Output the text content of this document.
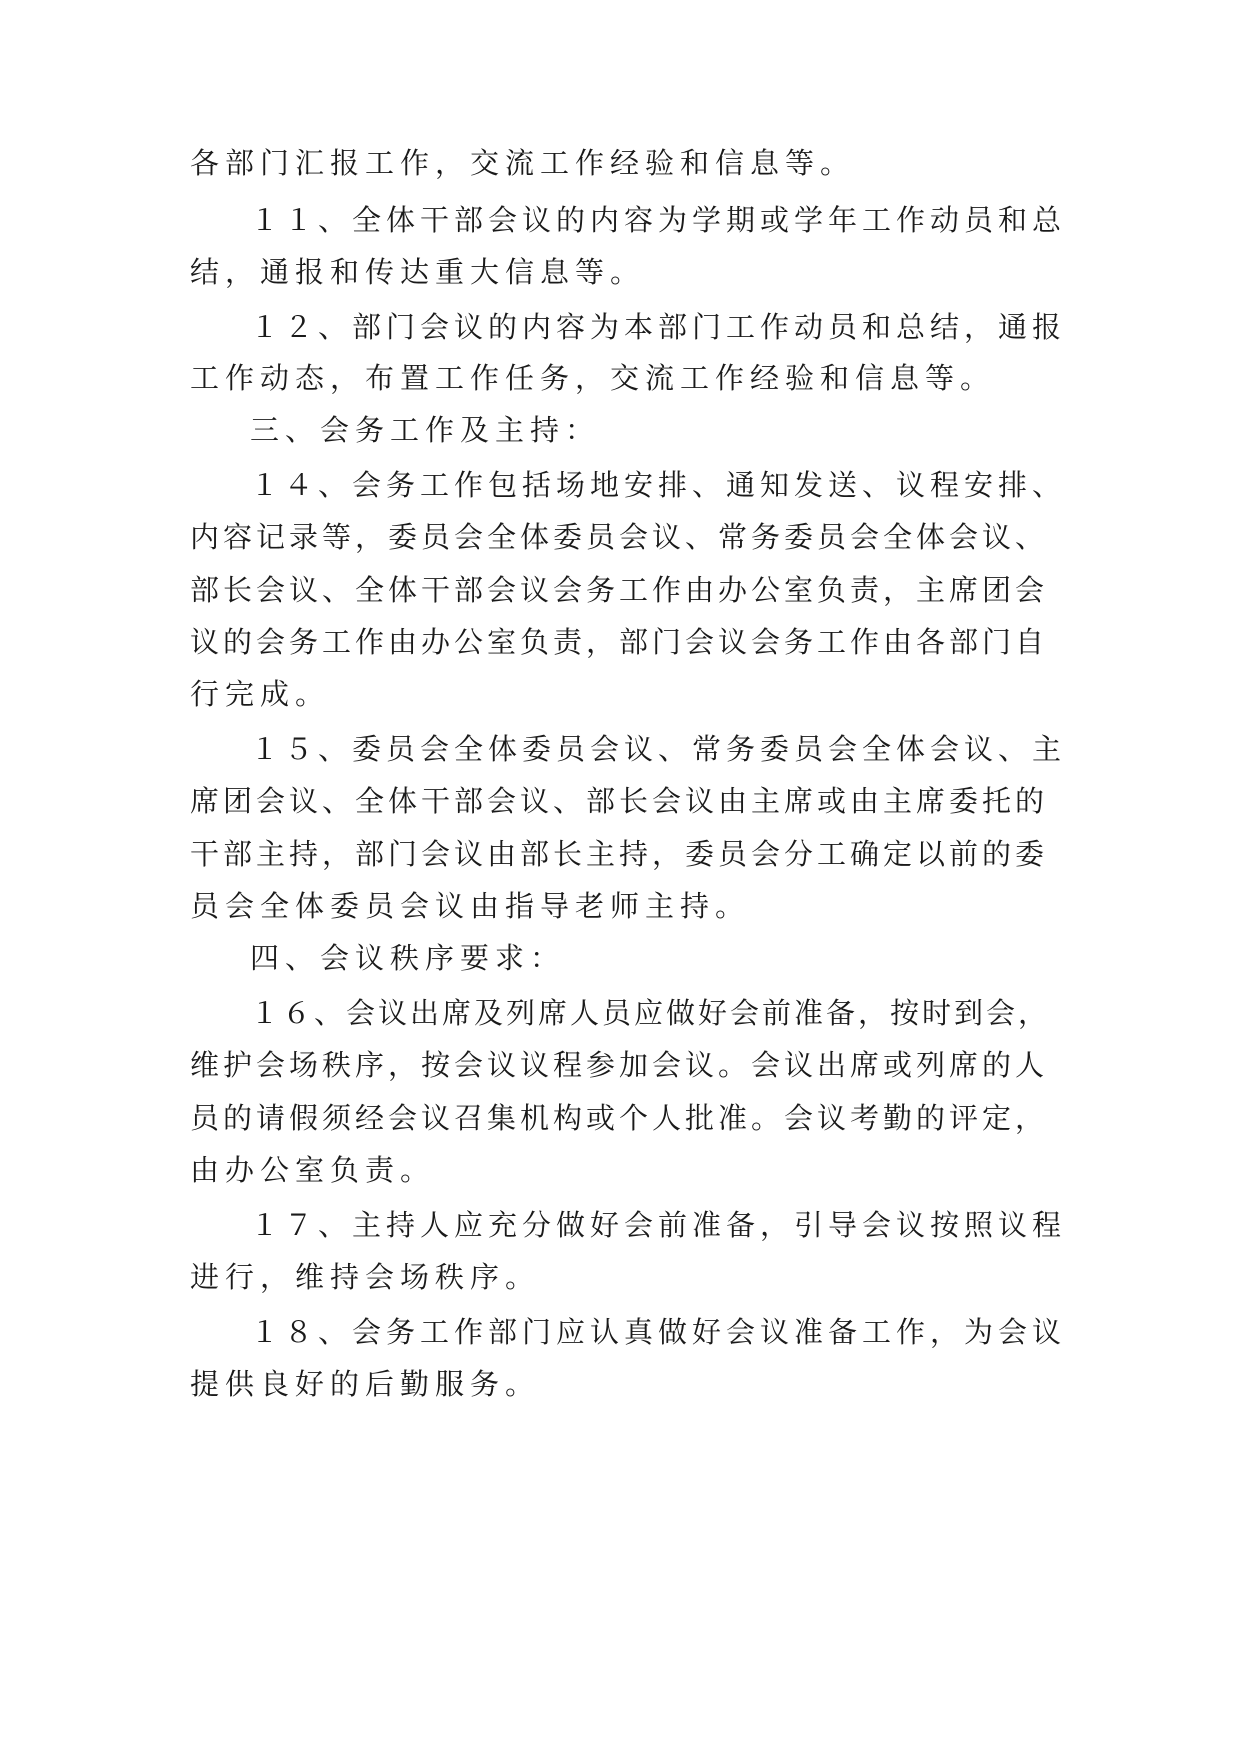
各部门汇报工作，交流工作经验和信息等。
１１、全体干部会议的内容为学期或学年工作动员和总
结，通报和传达重大信息等。
１２、部门会议的内容为本部门工作动员和总结，通报
工作动态，布置工作任务，交流工作经验和信息等。
三、会务工作及主持：
１４、会务工作包括场地安排、通知发送、议程安排、
内容记录等，委员会全体委员会议、常务委员会全体会议、
部长会议、全体干部会议会务工作由办公室负责，主席团会
议的会务工作由办公室负责，部门会议会务工作由各部门自
行完成。
１５、委员会全体委员会议、常务委员会全体会议、主
席团会议、全体干部会议、部长会议由主席或由主席委托的
干部主持，部门会议由部长主持，委员会分工确定以前的委
员会全体委员会议由指导老师主持。
四、会议秩序要求：
１６、会议出席及列席人员应做好会前准备，按时到会，
维护会场秩序，按会议议程参加会议。会议出席或列席的人
员的请假须经会议召集机构或个人批准。会议考勤的评定，
由办公室负责。
１７、主持人应充分做好会前准备，引导会议按照议程
进行，维持会场秩序。
１８、会务工作部门应认真做好会议准备工作，为会议
提供良好的后勤服务。
